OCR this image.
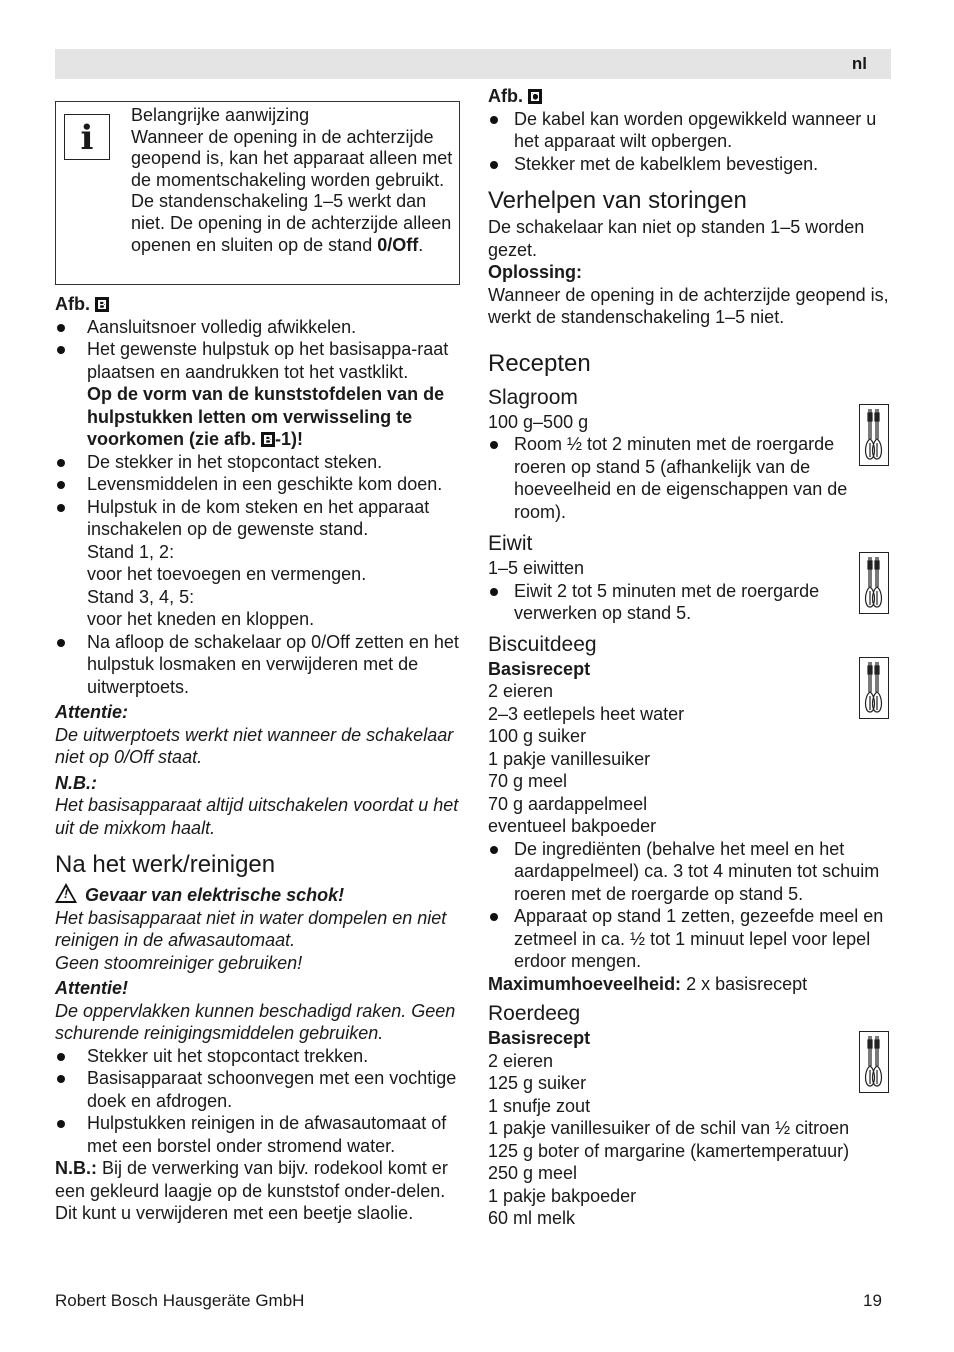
nl
i
Belangrijke aanwijzing
Wanneer de opening in de achterzijde geopend is, kan het apparaat alleen met de momentschakeling worden gebruikt. De standenschakeling 1–5 werkt dan niet. De opening in de achterzijde alleen openen en sluiten op de stand 0/Off.
Afb. B
Aansluitsnoer volledig afwikkelen.
Het gewenste hulpstuk op het basisappa-raat plaatsen en aandrukken tot het vastklikt.
Op de vorm van de kunststofdelen van de hulpstukken letten om verwisseling te voorkomen (zie afb. B -1)!
De stekker in het stopcontact steken.
Levensmiddelen in een geschikte kom doen.
Hulpstuk in de kom steken en het apparaat inschakelen op de gewenste stand.
Stand 1, 2:
voor het toevoegen en vermengen.
Stand 3, 4, 5:
voor het kneden en kloppen.
Na afloop de schakelaar op 0/Off zetten en het hulpstuk losmaken en verwijderen met de uitwerptoets.
Attentie:
De uitwerptoets werkt niet wanneer de schakelaar niet op 0/Off staat.
N.B.:
Het basisapparaat altijd uitschakelen voordat u het uit de mixkom haalt.
Na het werk/reinigen
!Gevaar van elektrische schok!
Het basisapparaat niet in water dompelen en niet reinigen in de afwasautomaat.
Geen stoomreiniger gebruiken!
Attentie!
De oppervlakken kunnen beschadigd raken. Geen schurende reinigingsmiddelen gebruiken.
Stekker uit het stopcontact trekken.
Basisapparaat schoonvegen met een vochtige doek en afdrogen.
Hulpstukken reinigen in de afwasautomaat of met een borstel onder stromend water.
N.B.: Bij de verwerking van bijv. rodekool komt er een gekleurd laagje op de kunststof onder-delen. Dit kunt u verwijderen met een beetje slaolie.
Afb. C
De kabel kan worden opgewikkeld wanneer u het apparaat wilt opbergen.
Stekker met de kabelklem bevestigen.
Verhelpen van storingen
De schakelaar kan niet op standen 1–5 worden gezet.
Oplossing:
Wanneer de opening in de achterzijde geopend is, werkt de standenschakeling 1–5 niet.
Recepten
Slagroom
100 g–500 g
Room ½ tot 2 minuten met de roergarde roeren op stand 5 (afhankelijk van de hoeveelheid en de eigenschappen van de room).
Eiwit
1–5 eiwitten
Eiwit 2 tot 5 minuten met de roergarde verwerken op stand 5.
Biscuitdeeg
Basisrecept
2 eieren
2–3 eetlepels heet water
100 g suiker
1 pakje vanillesuiker
70 g meel
70 g aardappelmeel
eventueel bakpoeder
De ingrediënten (behalve het meel en het aardappelmeel) ca. 3 tot 4 minuten tot schuim roeren met de roergarde op stand 5.
Apparaat op stand 1 zetten, gezeefde meel en zetmeel in ca. ½ tot 1 minuut lepel voor lepel erdoor mengen.
Maximumhoeveelheid: 2 x basisrecept
Roerdeeg
Basisrecept
2 eieren
125 g suiker
1 snufje zout
1 pakje vanillesuiker of de schil van ½ citroen
125 g boter of margarine (kamertemperatuur)
250 g meel
1 pakje bakpoeder
60 ml melk
Robert Bosch Hausgeräte GmbH	19
